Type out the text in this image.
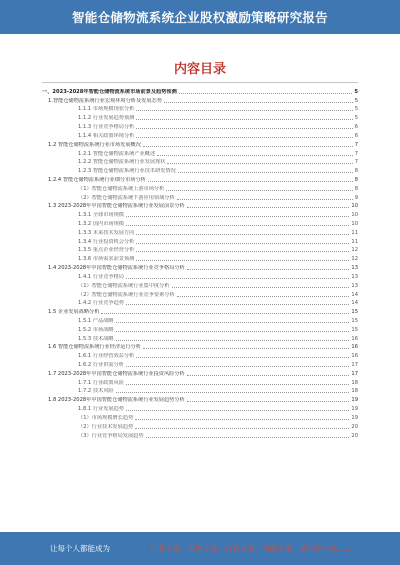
智能仓储物流系统企业股权激励策略研究报告
内容目录
一、2023-2028年智能仓储物流系统市场前景及趋势预测	5
1.智能仓储物流系统行业宏观环境分析及发展态势	5
1.1.1 市场规模现状分析	5
1.1.2 行业发展趋势预测	5
1.1.3 行业竞争格局分析	6
1.1.4 相关政策环境分析	6
1.2 智能仓储物流系统行业市场发展概况	7
1.2.1 智能仓储物流系统产业概述	7
1.2.2 智能仓储物流系统行业发展现状	7
1.2.3 智能仓储物流系统行业技术研发情况	8
1.2.4 智能仓储物流系统行业细分市场分析	8
（1）智能仓储物流系统上游市场分析	8
（2）智能仓储物流系统下游应用领域分析	9
1.3 2023-2028年中国智能仓储物流系统行业发展前景分析	10
1.3.1 全球市场规模	10
1.3.2 国内市场规模	10
1.3.3 未来技术发展方向	11
1.3.4 行业投资机会分析	11
1.3.5 重点企业经营分析	12
1.3.6 市场需求前景预测	12
1.4 2023-2028年中国智能仓储物流系统行业竞争格局分析	13
1.4.1 行业竞争格局	13
（1）智能仓储物流系统行业集中度分析	13
（2）智能仓储物流系统行业竞争要素分析	14
1.4.2 行业竞争趋势	14
1.5 企业发展战略分析	15
1.5.1 产品战略	15
1.5.2 市场战略	15
1.5.3 技术战略	16
1.6 智能仓储物流系统行业经济运行分析	16
1.6.1 行业经营效益分析	16
1.6.2 行业供需分析	17
1.7 2023-2028年中国智能仓储物流系统行业投资风险分析	17
1.7.1 行业政策风险	18
1.7.2 技术风险	18
1.8 2023-2028年中国智能仓储物流系统行业发展趋势分析	19
1.8.1 行业发展趋势	19
（1）市场规模增长趋势	19
（2）行业技术发展趋势	20
（3）行业竞争格局发展趋势	20
让每个人都能成为	行业专家、管理专家、咨询专家、战略专家、成功企业家……
